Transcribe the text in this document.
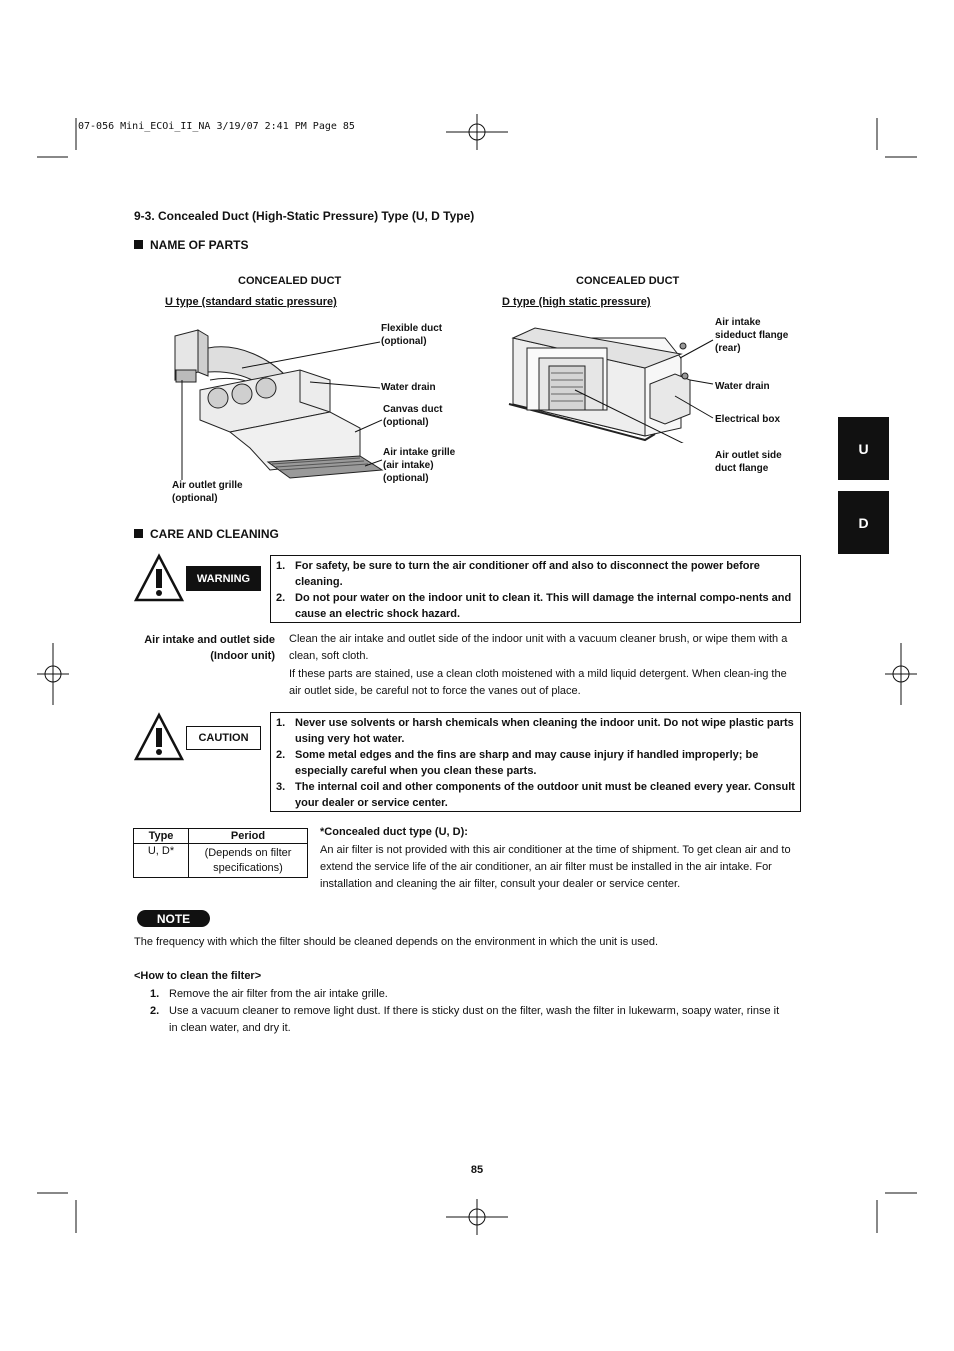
07-056 Mini_ECOi_II_NA 3/19/07 2:41 PM Page 85
9-3. Concealed Duct (High-Static Pressure) Type (U, D Type)
NAME OF PARTS
CONCEALED DUCT
U type (standard static pressure)
Flexible duct
(optional)
Water drain
Canvas duct
(optional)
Air intake grille
(air intake)
(optional)
Air outlet grille
(optional)
CONCEALED DUCT
D type (high static pressure)
Air intake
sideduct flange
(rear)
Water drain
Electrical box
Air outlet side
duct flange
U
D
CARE AND CLEANING
WARNING
1. For safety, be sure to turn the air conditioner off and also to disconnect the power before cleaning.
2. Do not pour water on the indoor unit to clean it. This will damage the internal compo-nents and cause an electric shock hazard.
Air intake and outlet side
(Indoor unit)
Clean the air intake and outlet side of the indoor unit with a vacuum cleaner brush, or wipe them with a clean, soft cloth.
If these parts are stained, use a clean cloth moistened with a mild liquid detergent. When clean-ing the air outlet side, be careful not to force the vanes out of place.
CAUTION
1. Never use solvents or harsh chemicals when cleaning the indoor unit. Do not wipe plastic parts using very hot water.
2. Some metal edges and the fins are sharp and may cause injury if handled improperly; be especially careful when you clean these parts.
3. The internal coil and other components of the outdoor unit must be cleaned every year. Consult your dealer or service center.
Type	Period
U, D*	(Depends on filter specifications)
*Concealed duct type (U, D):
An air filter is not provided with this air conditioner at the time of shipment. To get clean air and to extend the service life of the air conditioner, an air filter must be installed in the air intake. For installation and cleaning the air filter, consult your dealer or service center.
NOTE
The frequency with which the filter should be cleaned depends on the environment in which the unit is used.
<How to clean the filter>
1. Remove the air filter from the air intake grille.
2. Use a vacuum cleaner to remove light dust. If there is sticky dust on the filter, wash the filter in lukewarm, soapy water, rinse it in clean water, and dry it.
85
